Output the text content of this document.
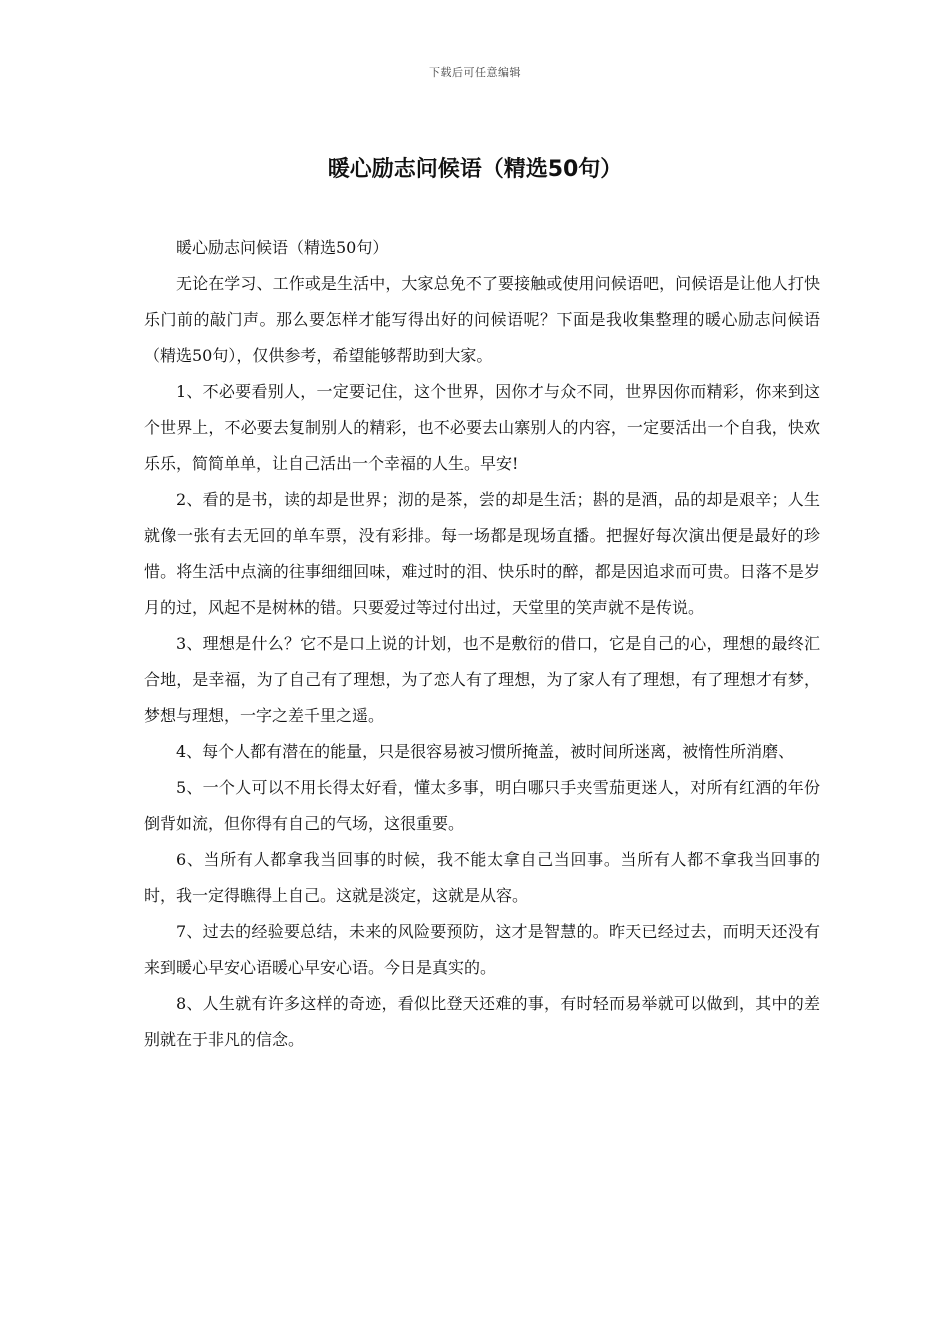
下载后可任意编辑
暖心励志问候语（精选50句）

暖心励志问候语（精选50句）

无论在学习、工作或是生活中，大家总免不了要接触或使用问候语吧，问候语是让他人打快乐门前的敲门声。那么要怎样才能写得出好的问候语呢？下面是我收集整理的暖心励志问候语（精选50句），仅供参考，希望能够帮助到大家。

1、不必要看别人，一定要记住，这个世界，因你才与众不同，世界因你而精彩，你来到这个世界上，不必要去复制别人的精彩，也不必要去山寨别人的内容，一定要活出一个自我，快欢乐乐，简简单单，让自己活出一个幸福的人生。早安!

2、看的是书，读的却是世界；沏的是茶，尝的却是生活；斟的是酒，品的却是艰辛；人生就像一张有去无回的单车票，没有彩排。每一场都是现场直播。把握好每次演出便是最好的珍惜。将生活中点滴的往事细细回味，难过时的泪、快乐时的醉，都是因追求而可贵。日落不是岁月的过，风起不是树林的错。只要爱过等过付出过，天堂里的笑声就不是传说。

3、理想是什么？它不是口上说的计划，也不是敷衍的借口，它是自己的心，理想的最终汇合地，是幸福，为了自己有了理想，为了恋人有了理想，为了家人有了理想，有了理想才有梦，梦想与理想，一字之差千里之遥。

4、每个人都有潜在的能量，只是很容易被习惯所掩盖，被时间所迷离，被惰性所消磨、

5、一个人可以不用长得太好看，懂太多事，明白哪只手夹雪茄更迷人，对所有红酒的年份倒背如流，但你得有自己的气场，这很重要。

6、当所有人都拿我当回事的时候，我不能太拿自己当回事。当所有人都不拿我当回事的时，我一定得瞧得上自己。这就是淡定，这就是从容。

7、过去的经验要总结，未来的风险要预防，这才是智慧的。昨天已经过去，而明天还没有来到暖心早安心语暖心早安心语。今日是真实的。

8、人生就有许多这样的奇迹，看似比登天还难的事，有时轻而易举就可以做到，其中的差别就在于非凡的信念。
